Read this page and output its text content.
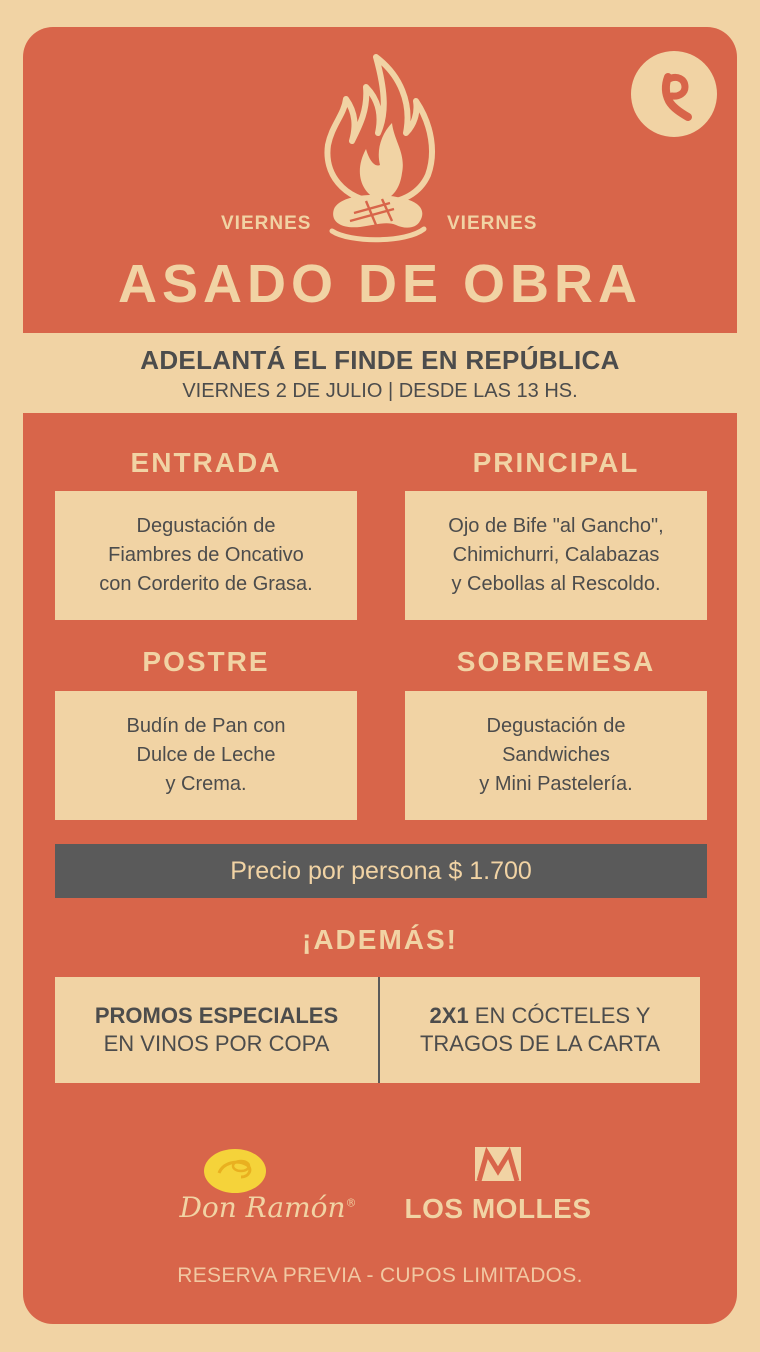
VIERNES	VIERNES
ASADO DE OBRA
ADELANTÁ EL FINDE EN REPÚBLICA
VIERNES 2 DE JULIO | DESDE LAS 13 HS.
ENTRADA	PRINCIPAL
Degustación de
Fiambres de Oncativo
con Corderito de Grasa.
Ojo de Bife "al Gancho",
Chimichurri, Calabazas
y Cebollas al Rescoldo.
POSTRE	SOBREMESA
Budín de Pan con
Dulce de Leche
y Crema.
Degustación de
Sandwiches
y Mini Pastelería.
Precio por persona $ 1.700
¡ADEMÁS!
PROMOS ESPECIALES
EN VINOS POR COPA
2X1 EN CÓCTELES Y
TRAGOS DE LA CARTA
Don Ramón® LOS MOLLES
RESERVA PREVIA - CUPOS LIMITADOS.
